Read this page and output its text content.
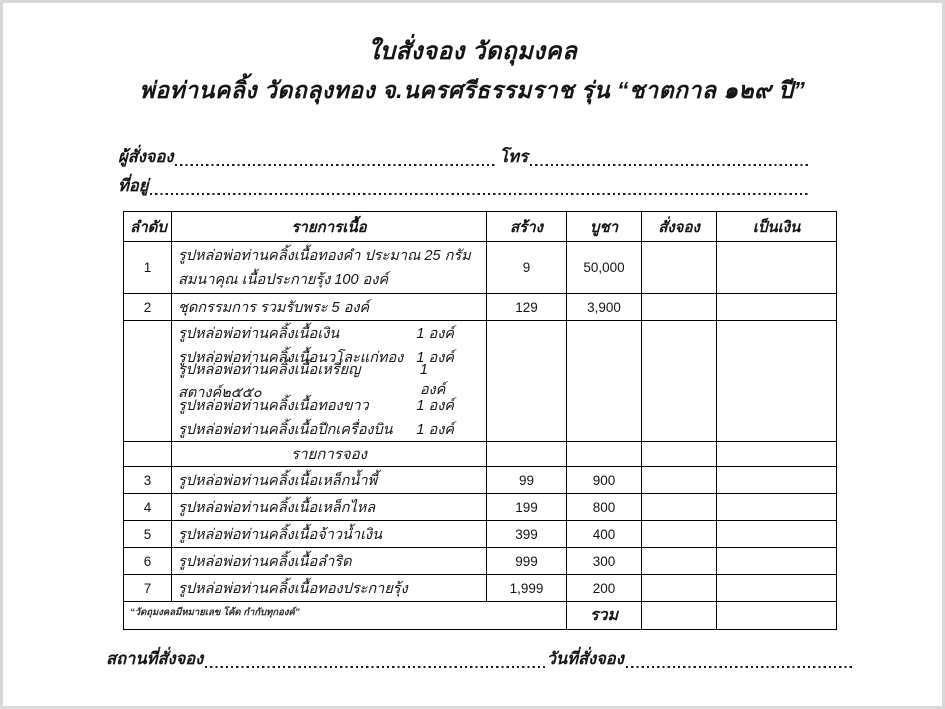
ใบสั่งจอง วัดถุมงคล
พ่อท่านคลิ้ง วัดถลุงทอง จ.นครศรีธรรมราช รุ่น “ชาตกาล ๑๒๙ ปี”
ผู้สั่งจอง	โทร
ที่อยู่
ลำดับ	รายการเนื้อ	สร้าง	บูชา	สั่งจอง	เป็นเงิน
1	รูปหล่อพ่อท่านคลิ้งเนื้อทองคำ ประมาณ 25 กรัม
สมนาคุณ เนื้อประกายรุ้ง 100 องค์	9	50,000		
2	ชุดกรรมการ รวมรับพระ 5 องค์	129	3,900		

รูปหล่อพ่อท่านคลิ้งเนื้อเงิน	1 องค์
รูปหล่อพ่อท่านคลิ้งเนื้อนวโละแก่ทอง 1 องค์
รูปหล่อพ่อท่านคลิ้งเนื้อเหรียญสตางค์๒๕๕๐
1 องค์
รูปหล่อพ่อท่านคลิ้งเนื้อทองขาว	1 องค์
รูปหล่อพ่อท่านคลิ้งเนื้อปีกเครื่องบิน 1 องค์

	รายการจอง				
3	รูปหล่อพ่อท่านคลิ้งเนื้อเหล็กน้ำพี้	99	900		
4	รูปหล่อพ่อท่านคลิ้งเนื้อเหล็กไหล	199	800		
5	รูปหล่อพ่อท่านคลิ้งเนื้อจ้าวน้ำเงิน	399	400		
6	รูปหล่อพ่อท่านคลิ้งเนื้อลำริด	999	300		
7	รูปหล่อพ่อท่านคลิ้งเนื้อทองประกายรุ้ง	1,999	200		
“วัดถุมงคลมีหมายเลข โค้ด กำกับทุกองค์”			รวม		
สถานที่สั่งจอง	วันที่สั่งจอง
